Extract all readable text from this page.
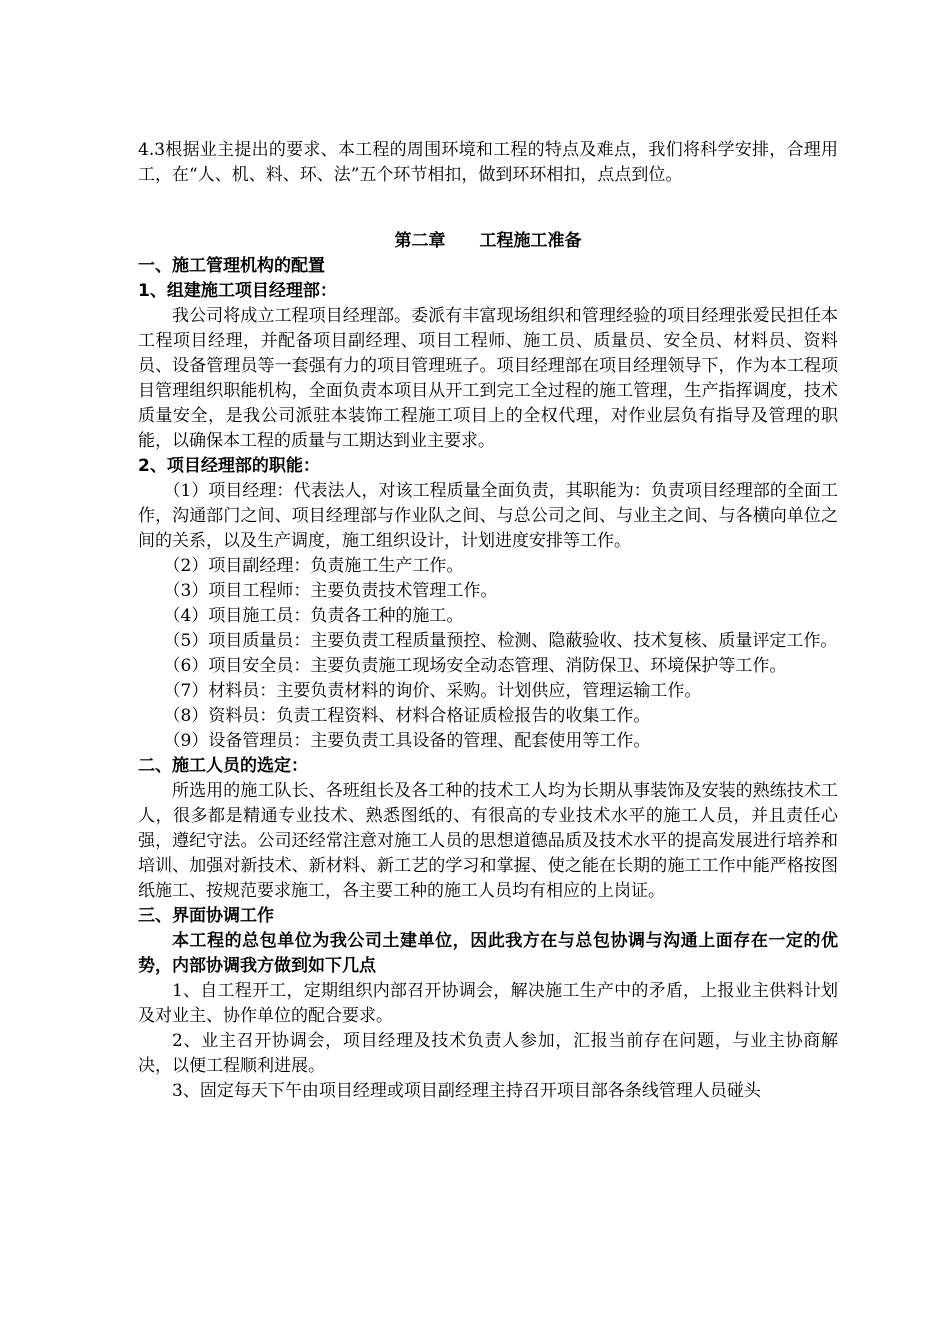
4.3根据业主提出的要求、本工程的周围环境和工程的特点及难点，我们将科学安排，合理用工，在“人、机、料、环、法”五个环节相扣，做到环环相扣，点点到位。

第二章　　工程施工准备

一、施工管理机构的配置

1、组建施工项目经理部：

我公司将成立工程项目经理部。委派有丰富现场组织和管理经验的项目经理张爱民担任本工程项目经理，并配备项目副经理、项目工程师、施工员、质量员、安全员、材料员、资料员、设备管理员等一套强有力的项目管理班子。项目经理部在项目经理领导下，作为本工程项目管理组织职能机构，全面负责本项目从开工到完工全过程的施工管理，生产指挥调度，技术质量安全，是我公司派驻本装饰工程施工项目上的全权代理，对作业层负有指导及管理的职能，以确保本工程的质量与工期达到业主要求。

2、项目经理部的职能：

（1）项目经理：代表法人，对该工程质量全面负责，其职能为：负责项目经理部的全面工作，沟通部门之间、项目经理部与作业队之间、与总公司之间、与业主之间、与各横向单位之间的关系，以及生产调度，施工组织设计，计划进度安排等工作。

（2）项目副经理：负责施工生产工作。

（3）项目工程师：主要负责技术管理工作。

（4）项目施工员：负责各工种的施工。

（5）项目质量员：主要负责工程质量预控、检测、隐蔽验收、技术复核、质量评定工作。

（6）项目安全员：主要负责施工现场安全动态管理、消防保卫、环境保护等工作。

（7）材料员：主要负责材料的询价、采购。计划供应，管理运输工作。

（8）资料员：负责工程资料、材料合格证质检报告的收集工作。

（9）设备管理员：主要负责工具设备的管理、配套使用等工作。

二、施工人员的选定：

所选用的施工队长、各班组长及各工种的技术工人均为长期从事装饰及安装的熟练技术工人，很多都是精通专业技术、熟悉图纸的、有很高的专业技术水平的施工人员，并且责任心强，遵纪守法。公司还经常注意对施工人员的思想道德品质及技术水平的提高发展进行培养和培训、加强对新技术、新材料、新工艺的学习和掌握、使之能在长期的施工工作中能严格按图纸施工、按规范要求施工，各主要工种的施工人员均有相应的上岗证。

三、界面协调工作

本工程的总包单位为我公司土建单位，因此我方在与总包协调与沟通上面存在一定的优势，内部协调我方做到如下几点

1、自工程开工，定期组织内部召开协调会，解决施工生产中的矛盾，上报业主供料计划及对业主、协作单位的配合要求。

2、业主召开协调会，项目经理及技术负责人参加，汇报当前存在问题，与业主协商解决，以便工程顺利进展。

3、固定每天下午由项目经理或项目副经理主持召开项目部各条线管理人员碰头
